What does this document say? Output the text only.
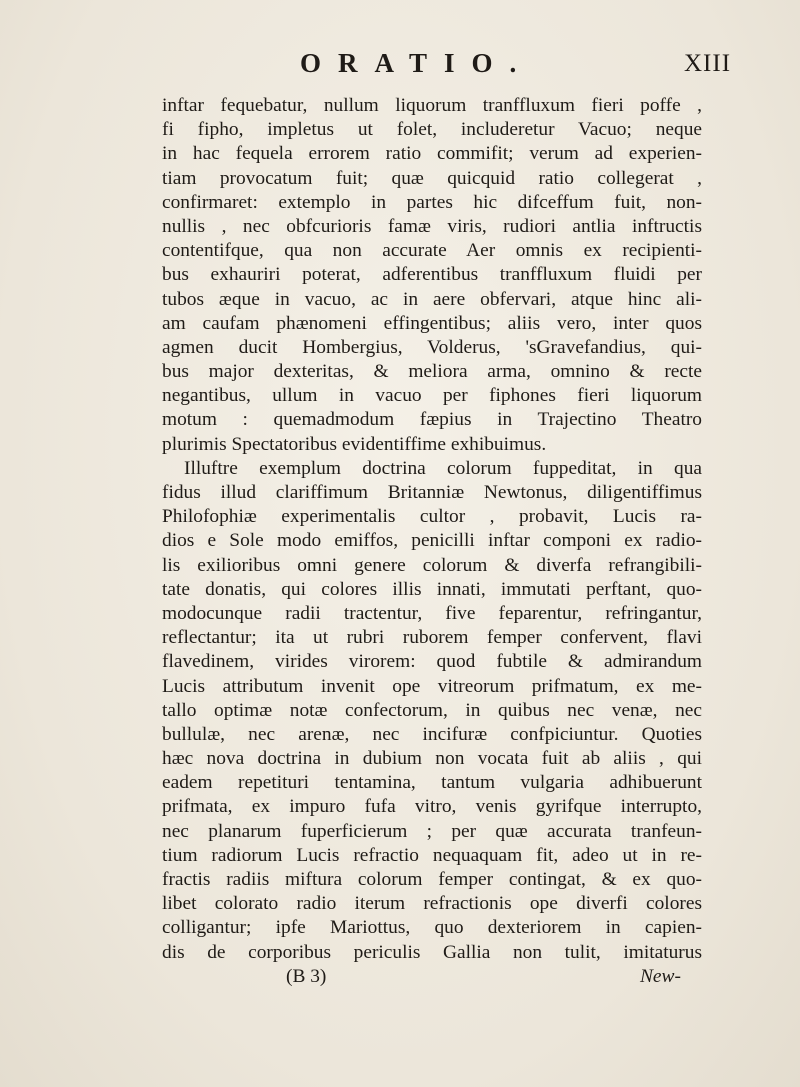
ORATIO.	XIII
inftar fequebatur, nullum liquorum tranffluxum fieri poffe ,
fi fipho, impletus ut folet, includeretur Vacuo; neque
in hac fequela errorem ratio commifit; verum ad experien-
tiam provocatum fuit; quæ quicquid ratio collegerat ,
confirmaret: extemplo in partes hic difceffum fuit, non-
nullis , nec obfcurioris famæ viris, rudiori antlia inftructis
contentifque, qua non accurate Aer omnis ex recipienti-
bus exhauriri poterat, adferentibus tranffluxum fluidi per
tubos æque in vacuo, ac in aere obfervari, atque hinc ali-
am caufam phænomeni effingentibus; aliis vero, inter quos
agmen ducit Hombergius, Volderus, 'sGravefandius, qui-
bus major dexteritas, & meliora arma, omnino & recte
negantibus, ullum in vacuo per fiphones fieri liquorum
motum : quemadmodum fæpius in Trajectino Theatro
plurimis Spectatoribus evidentiffime exhibuimus.
Illuftre exemplum doctrina colorum fuppeditat, in qua
fidus illud clariffimum Britanniæ Newtonus, diligentiffimus
Philofophiæ experimentalis cultor , probavit, Lucis ra-
dios e Sole modo emiffos, penicilli inftar componi ex radio-
lis exilioribus omni genere colorum & diverfa refrangibili-
tate donatis, qui colores illis innati, immutati perftant, quo-
modocunque radii tractentur, five feparentur, refringantur,
reflectantur; ita ut rubri ruborem femper confervent, flavi
flavedinem, virides virorem: quod fubtile & admirandum
Lucis attributum invenit ope vitreorum prifmatum, ex me-
tallo optimæ notæ confectorum, in quibus nec venæ, nec
bullulæ, nec arenæ, nec incifuræ confpiciuntur. Quoties
hæc nova doctrina in dubium non vocata fuit ab aliis , qui
eadem repetituri tentamina, tantum vulgaria adhibuerunt
prifmata, ex impuro fufa vitro, venis gyrifque interrupto,
nec planarum fuperficierum ; per quæ accurata tranfeun-
tium radiorum Lucis refractio nequaquam fit, adeo ut in re-
fractis radiis miftura colorum femper contingat, & ex quo-
libet colorato radio iterum refractionis ope diverfi colores
colligantur; ipfe Mariottus, quo dexteriorem in capien-
dis de corporibus periculis Gallia non tulit, imitaturus
(B 3)	New-
